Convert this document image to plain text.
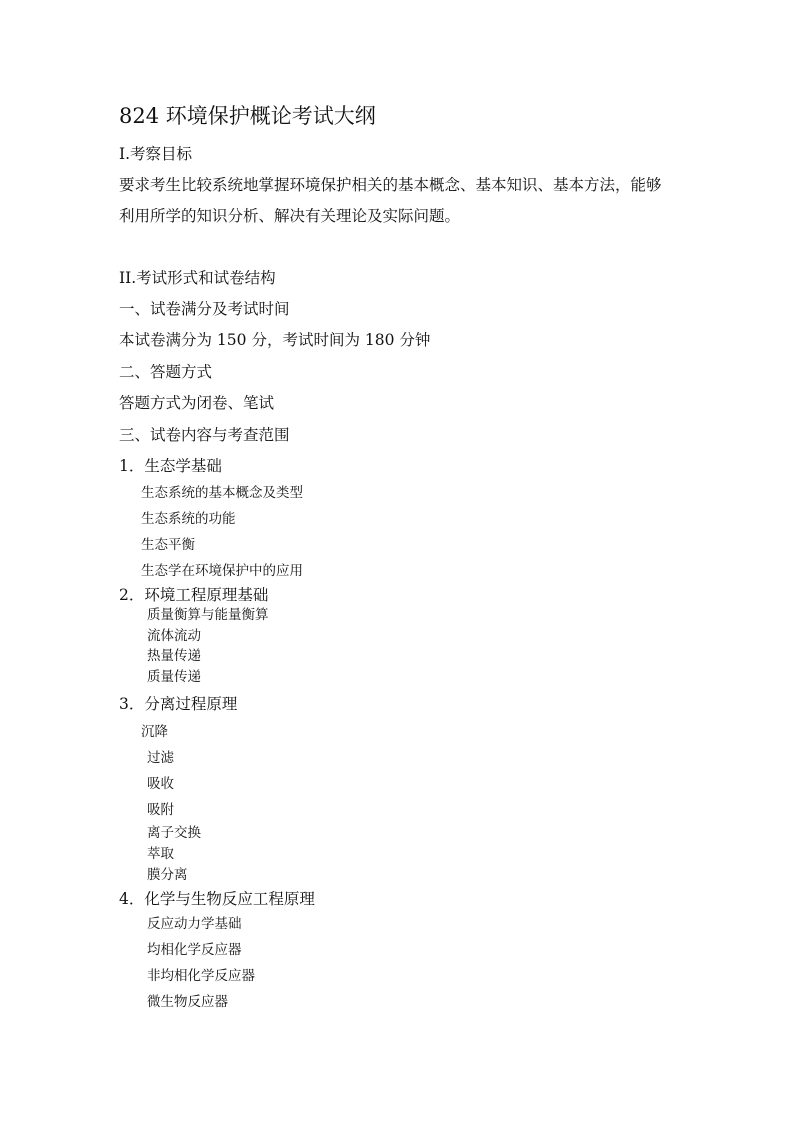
824 环境保护概论考试大纲
I.考察目标
要求考生比较系统地掌握环境保护相关的基本概念、基本知识、基本方法，能够
利用所学的知识分析、解决有关理论及实际问题。
II.考试形式和试卷结构
一、试卷满分及考试时间
本试卷满分为 150 分，考试时间为 180 分钟
二、答题方式
答题方式为闭卷、笔试
三、试卷内容与考查范围
1．生态学基础
生态系统的基本概念及类型
生态系统的功能
生态平衡
生态学在环境保护中的应用
2．环境工程原理基础
质量衡算与能量衡算
流体流动
热量传递
质量传递
3．分离过程原理
沉降
过滤
吸收
吸附
离子交换
萃取
膜分离
4．化学与生物反应工程原理
反应动力学基础
均相化学反应器
非均相化学反应器
微生物反应器
